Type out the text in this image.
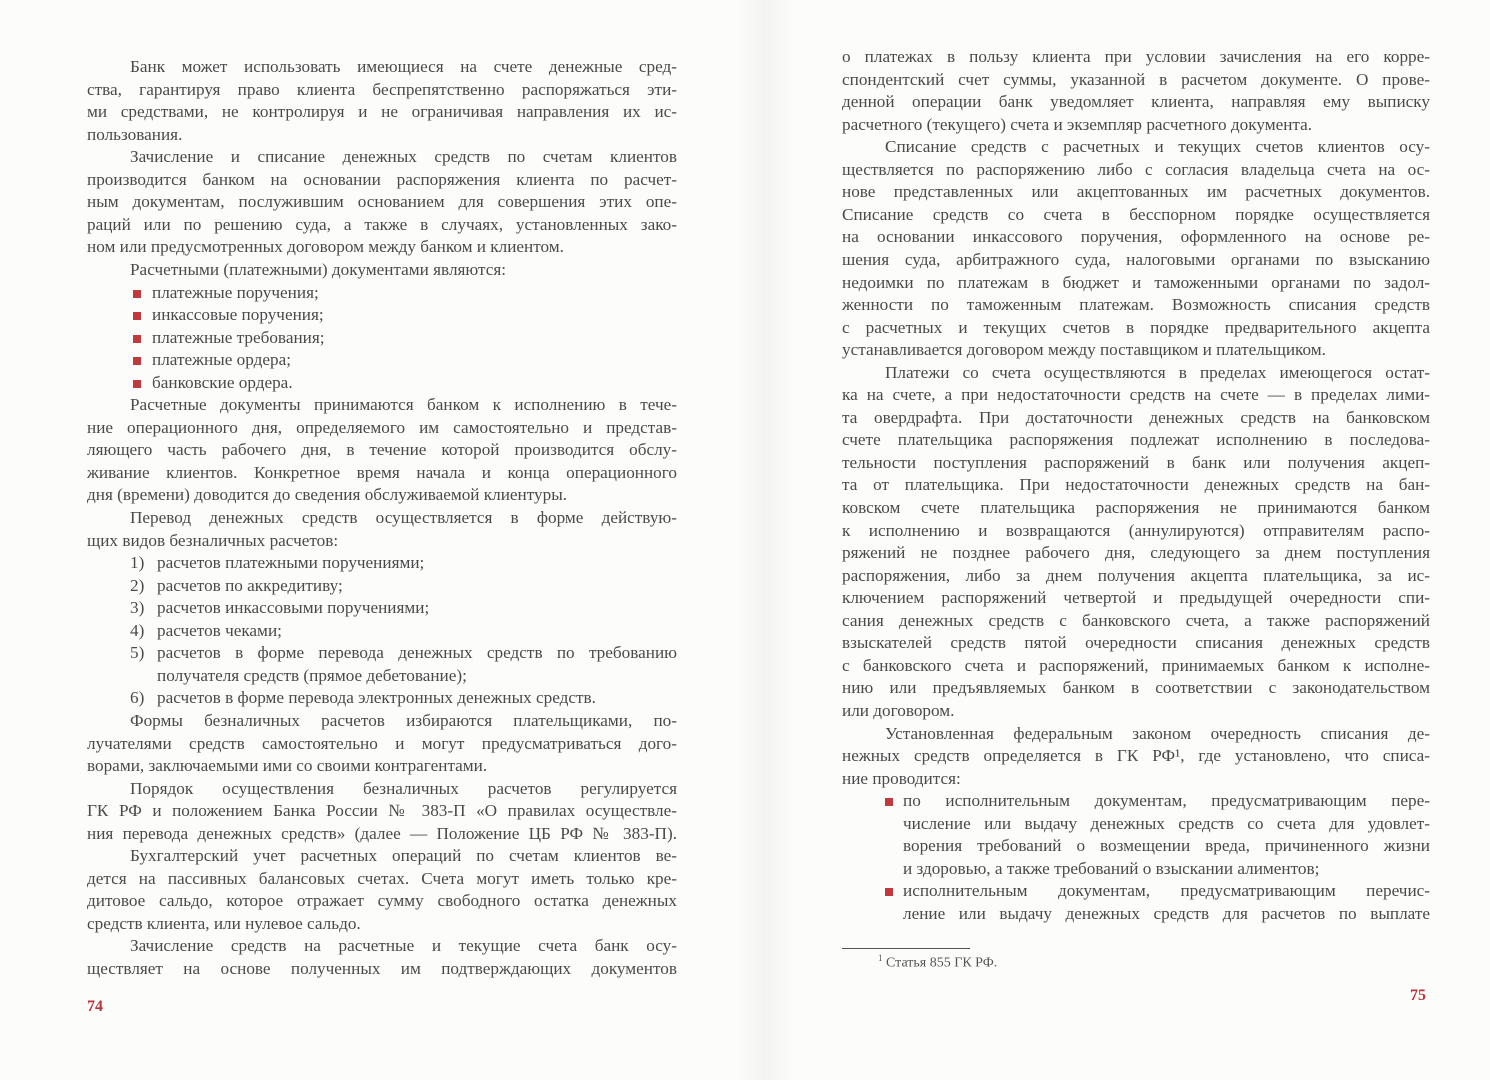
Банк может использовать имеющиеся на счете денежные сред-
ства, гарантируя право клиента беспрепятственно распоряжаться эти-
ми средствами, не контролируя и не ограничивая направления их ис-
пользования.
Зачисление и списание денежных средств по счетам клиентов
производится банком на основании распоряжения клиента по расчет-
ным документам, послужившим основанием для совершения этих опе-
раций или по решению суда, а также в случаях, установленных зако-
ном или предусмотренных договором между банком и клиентом.
Расчетными (платежными) документами являются:
платежные поручения;
инкассовые поручения;
платежные требования;
платежные ордера;
банковские ордера.
Расчетные документы принимаются банком к исполнению в тече-
ние операционного дня, определяемого им самостоятельно и представ-
ляющего часть рабочего дня, в течение которой производится обслу-
живание клиентов. Конкретное время начала и конца операционного
дня (времени) доводится до сведения обслуживаемой клиентуры.
Перевод денежных средств осуществляется в форме действую-
щих видов безналичных расчетов:
1) расчетов платежными поручениями;
2) расчетов по аккредитиву;
3) расчетов инкассовыми поручениями;
4) расчетов чеками;
5) расчетов в форме перевода денежных средств по требованию
получателя средств (прямое дебетование);
6) расчетов в форме перевода электронных денежных средств.
Формы безналичных расчетов избираются плательщиками, по-
лучателями средств самостоятельно и могут предусматриваться дого-
ворами, заключаемыми ими со своими контрагентами.
Порядок осуществления безналичных расчетов регулируется
ГК РФ и положением Банка России № 383-П «О правилах осуществле-
ния перевода денежных средств» (далее — Положение ЦБ РФ № 383-П).
Бухгалтерский учет расчетных операций по счетам клиентов ве-
дется на пассивных балансовых счетах. Счета могут иметь только кре-
дитовое сальдо, которое отражает сумму свободного остатка денежных
средств клиента, или нулевое сальдо.
Зачисление средств на расчетные и текущие счета банк осу-
ществляет на основе полученных им подтверждающих документов
о платежах в пользу клиента при условии зачисления на его корре-
спондентский счет суммы, указанной в расчетом документе. О прове-
денной операции банк уведомляет клиента, направляя ему выписку
расчетного (текущего) счета и экземпляр расчетного документа.
Списание средств с расчетных и текущих счетов клиентов осу-
ществляется по распоряжению либо с согласия владельца счета на ос-
нове представленных или акцептованных им расчетных документов.
Списание средств со счета в бесспорном порядке осуществляется
на основании инкассового поручения, оформленного на основе ре-
шения суда, арбитражного суда, налоговыми органами по взысканию
недоимки по платежам в бюджет и таможенными органами по задол-
женности по таможенным платежам. Возможность списания средств
с расчетных и текущих счетов в порядке предварительного акцепта
устанавливается договором между поставщиком и плательщиком.
Платежи со счета осуществляются в пределах имеющегося остат-
ка на счете, а при недостаточности средств на счете — в пределах лими-
та овердрафта. При достаточности денежных средств на банковском
счете плательщика распоряжения подлежат исполнению в последова-
тельности поступления распоряжений в банк или получения акцеп-
та от плательщика. При недостаточности денежных средств на бан-
ковском счете плательщика распоряжения не принимаются банком
к исполнению и возвращаются (аннулируются) отправителям распо-
ряжений не позднее рабочего дня, следующего за днем поступления
распоряжения, либо за днем получения акцепта плательщика, за ис-
ключением распоряжений четвертой и предыдущей очередности спи-
сания денежных средств с банковского счета, а также распоряжений
взыскателей средств пятой очередности списания денежных средств
с банковского счета и распоряжений, принимаемых банком к исполне-
нию или предъявляемых банком в соответствии с законодательством
или договором.
Установленная федеральным законом очередность списания де-
нежных средств определяется в ГК РФ¹, где установлено, что списа-
ние проводится:
по исполнительным документам, предусматривающим пере-
числение или выдачу денежных средств со счета для удовлет-
ворения требований о возмещении вреда, причиненного жизни
и здоровью, а также требований о взыскании алиментов;
исполнительным документам, предусматривающим перечис-
ление или выдачу денежных средств для расчетов по выплате
74
75
$^1$ Статья 855 ГК РФ.
